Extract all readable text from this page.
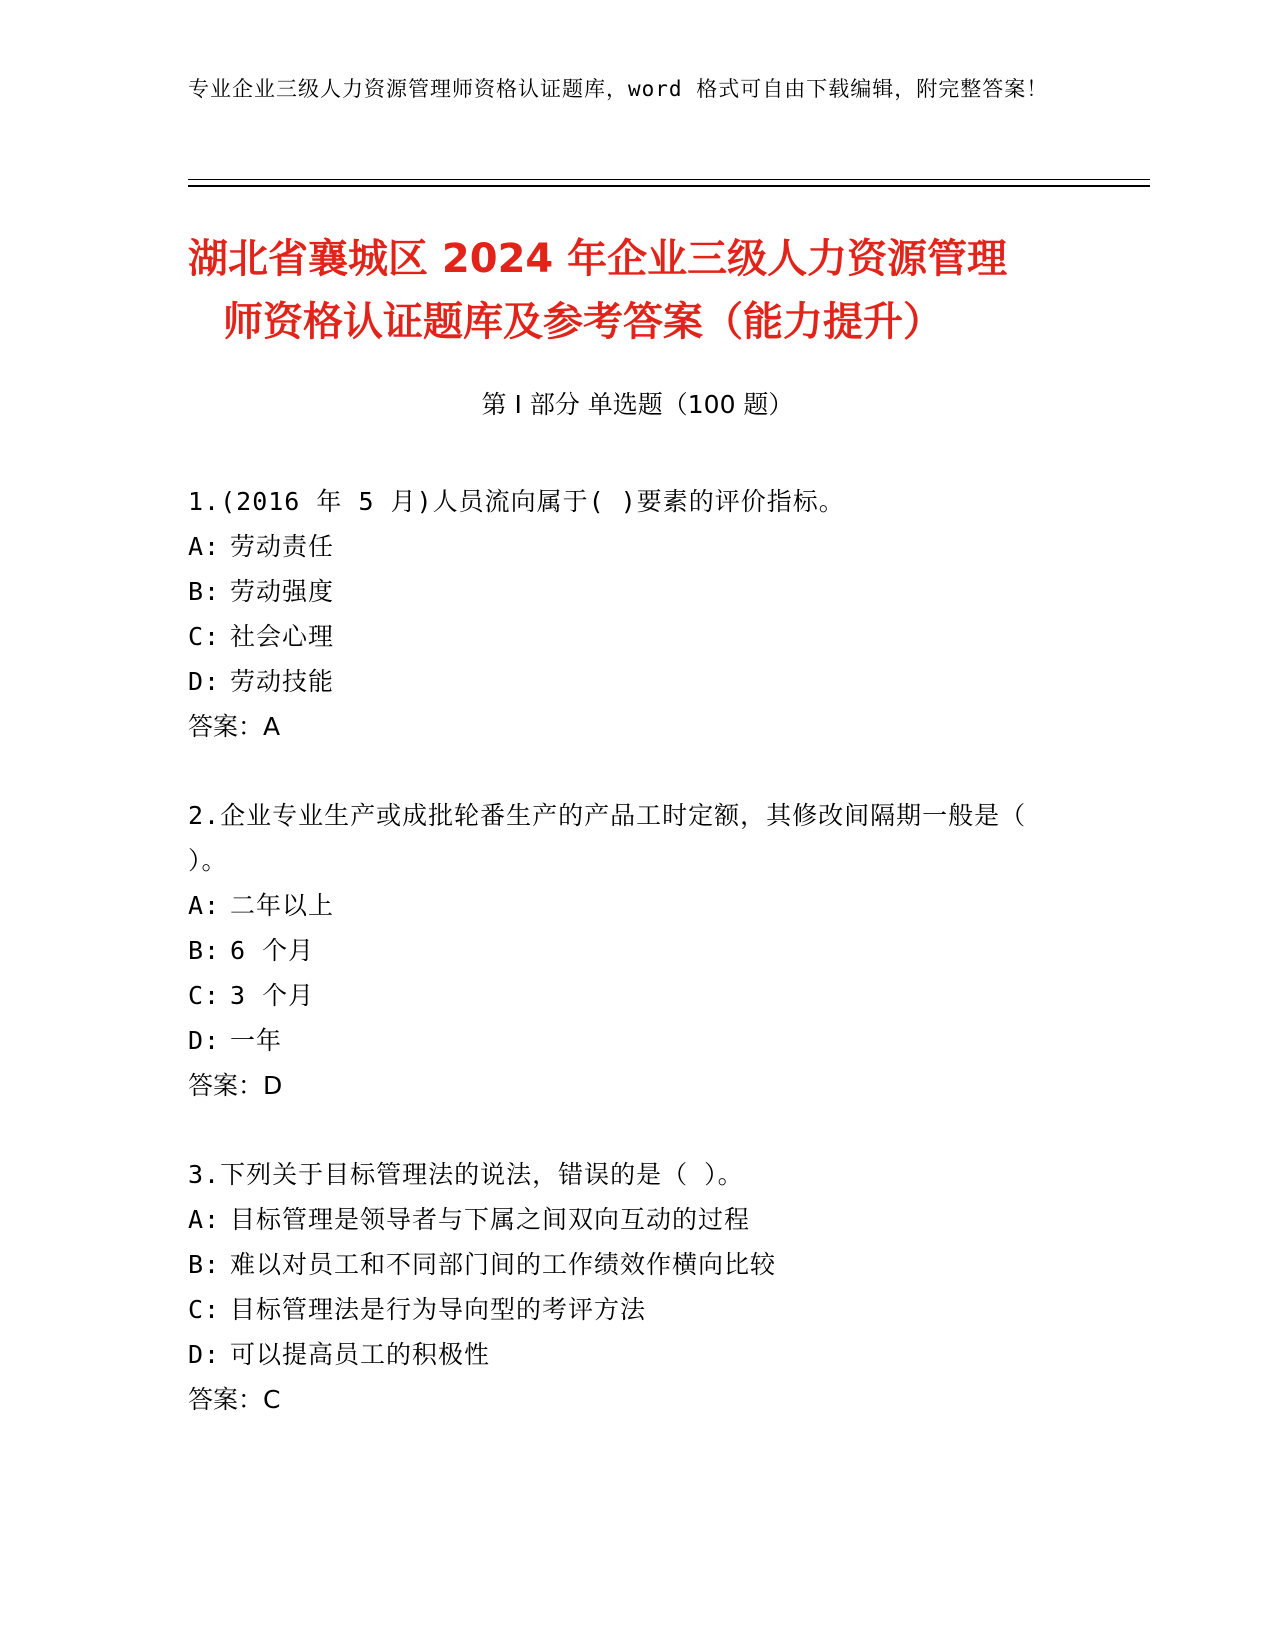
专业企业三级人力资源管理师资格认证题库，word 格式可自由下载编辑，附完整答案！
湖北省襄城区 2024 年企业三级人力资源管理
师资格认证题库及参考答案（能力提升）
第 I 部分 单选题（100 题）

1.(2016 年 5 月)人员流向属于( )要素的评价指标。

A: 劳动责任

B: 劳动强度

C: 社会心理

D: 劳动技能

答案：A

2.企业专业生产或成批轮番生产的产品工时定额，其修改间隔期一般是（ ）。

A: 二年以上

B: 6 个月

C: 3 个月

D: 一年

答案：D

3.下列关于目标管理法的说法，错误的是（ ）。

A: 目标管理是领导者与下属之间双向互动的过程

B: 难以对员工和不同部门间的工作绩效作横向比较

C: 目标管理法是行为导向型的考评方法

D: 可以提高员工的积极性

答案：C
